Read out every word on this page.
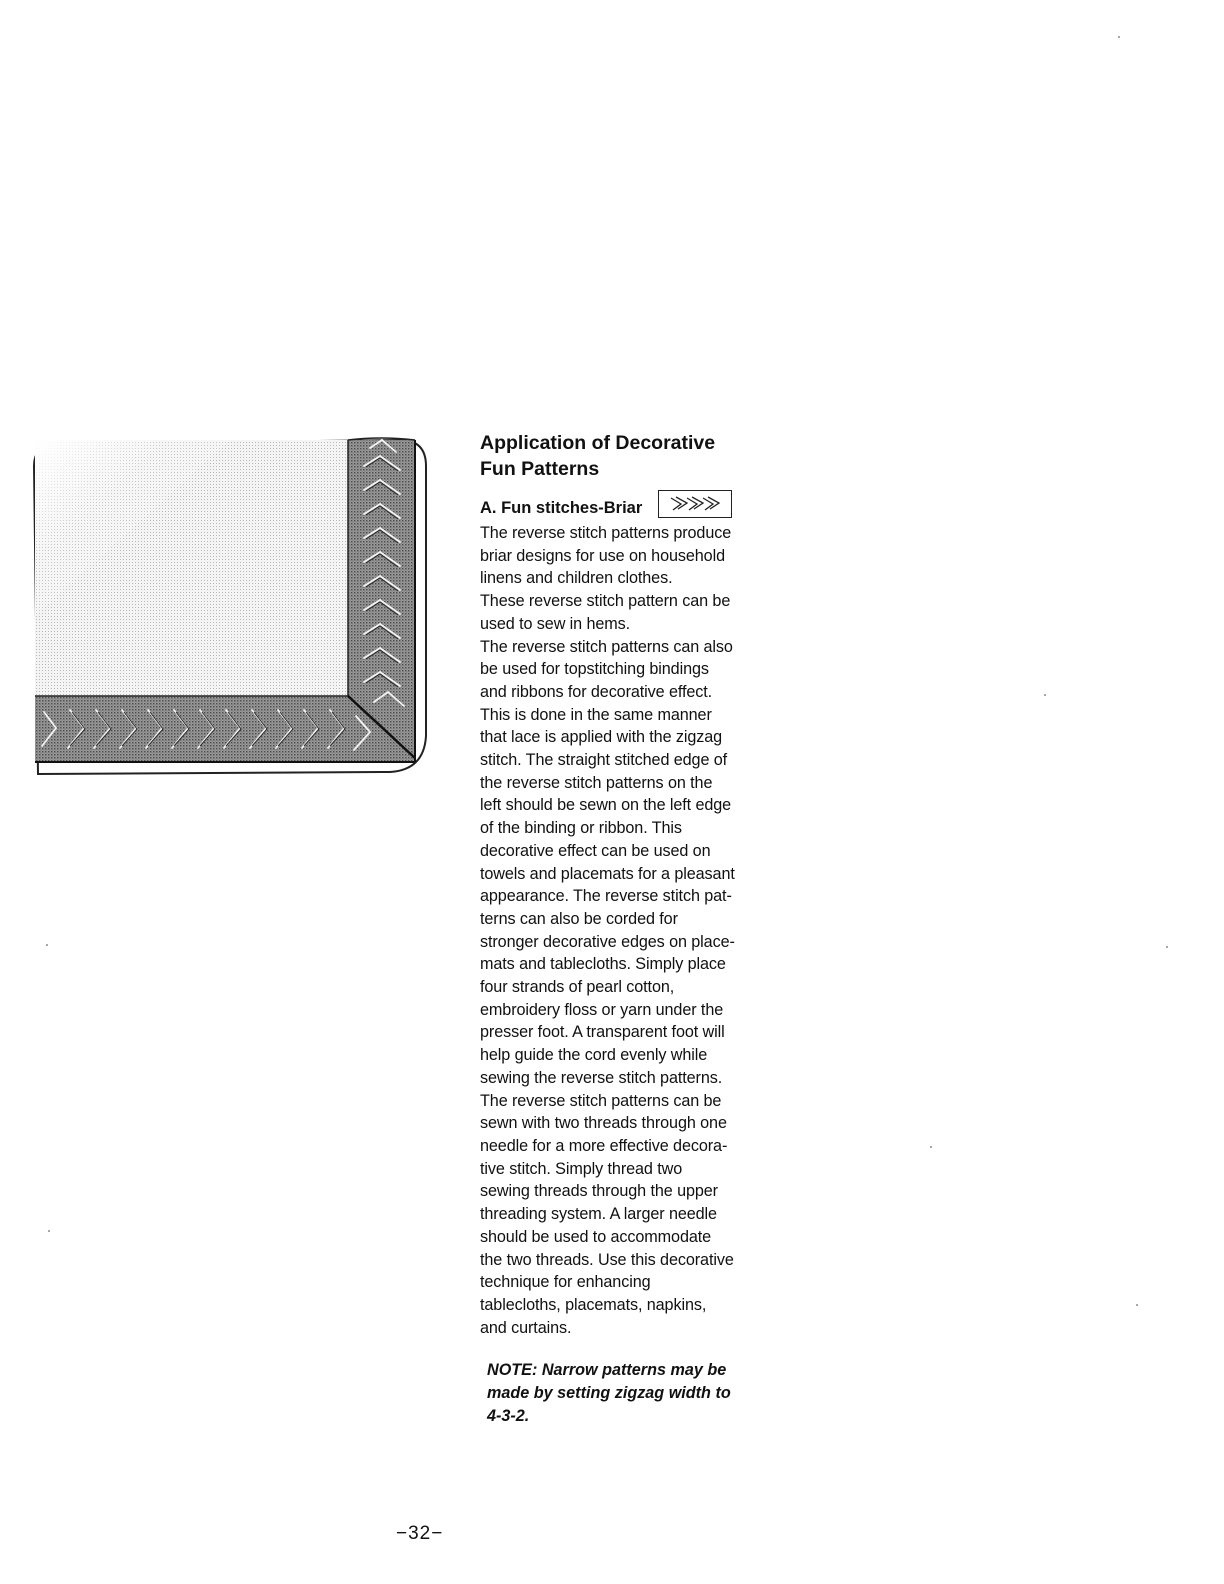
Application of Decorative
Fun Patterns
A. Fun stitches-Briar
The reverse stitch patterns produce
briar designs for use on household
linens and children clothes.
These reverse stitch pattern can be
used to sew in hems.
The reverse stitch patterns can also
be used for topstitching bindings
and ribbons for decorative effect.
This is done in the same manner
that lace is applied with the zigzag
stitch. The straight stitched edge of
the reverse stitch patterns on the
left should be sewn on the left edge
of the binding or ribbon. This
decorative effect can be used on
towels and placemats for a pleasant
appearance. The reverse stitch pat-
terns can also be corded for
stronger decorative edges on place-
mats and tablecloths. Simply place
four strands of pearl cotton,
embroidery floss or yarn under the
presser foot. A transparent foot will
help guide the cord evenly while
sewing the reverse stitch patterns.
The reverse stitch patterns can be
sewn with two threads through one
needle for a more effective decora-
tive stitch. Simply thread two
sewing threads through the upper
threading system. A larger needle
should be used to accommodate
the two threads. Use this decorative
technique for enhancing
tablecloths, placemats, napkins,
and curtains.
NOTE: Narrow patterns may be
made by setting zigzag width to
4-3-2.
−32−
